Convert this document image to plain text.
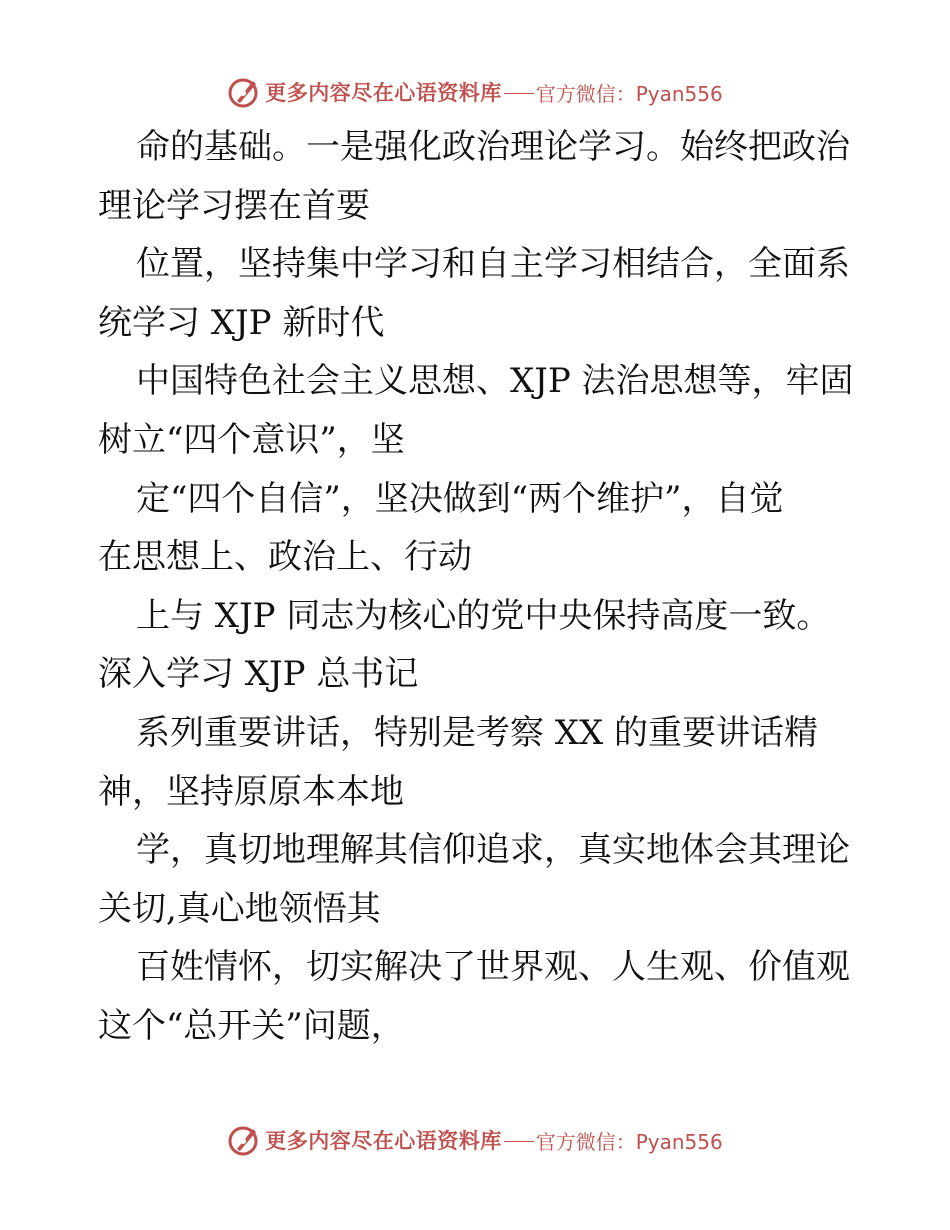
更多内容尽在心语资料库 官方微信：Pyan556
命的基础。一是强化政治理论学习。始终把政治
理论学习摆在首要
位置，坚持集中学习和自主学习相结合，全面系
统学习 XJP 新时代
中国特色社会主义思想、XJP 法治思想等，牢固
树立“四个意识”，坚
定“四个自信”，坚决做到“两个维护”，自觉
在思想上、政治上、行动
上与 XJP 同志为核心的党中央保持高度一致。
深入学习 XJP 总书记
系列重要讲话，特别是考察 XX 的重要讲话精
神，坚持原原本本地
学，真切地理解其信仰追求，真实地体会其理论
关切,真心地领悟其
百姓情怀，切实解决了世界观、人生观、价值观
这个“总开关”问题，
更多内容尽在心语资料库 官方微信：Pyan556
